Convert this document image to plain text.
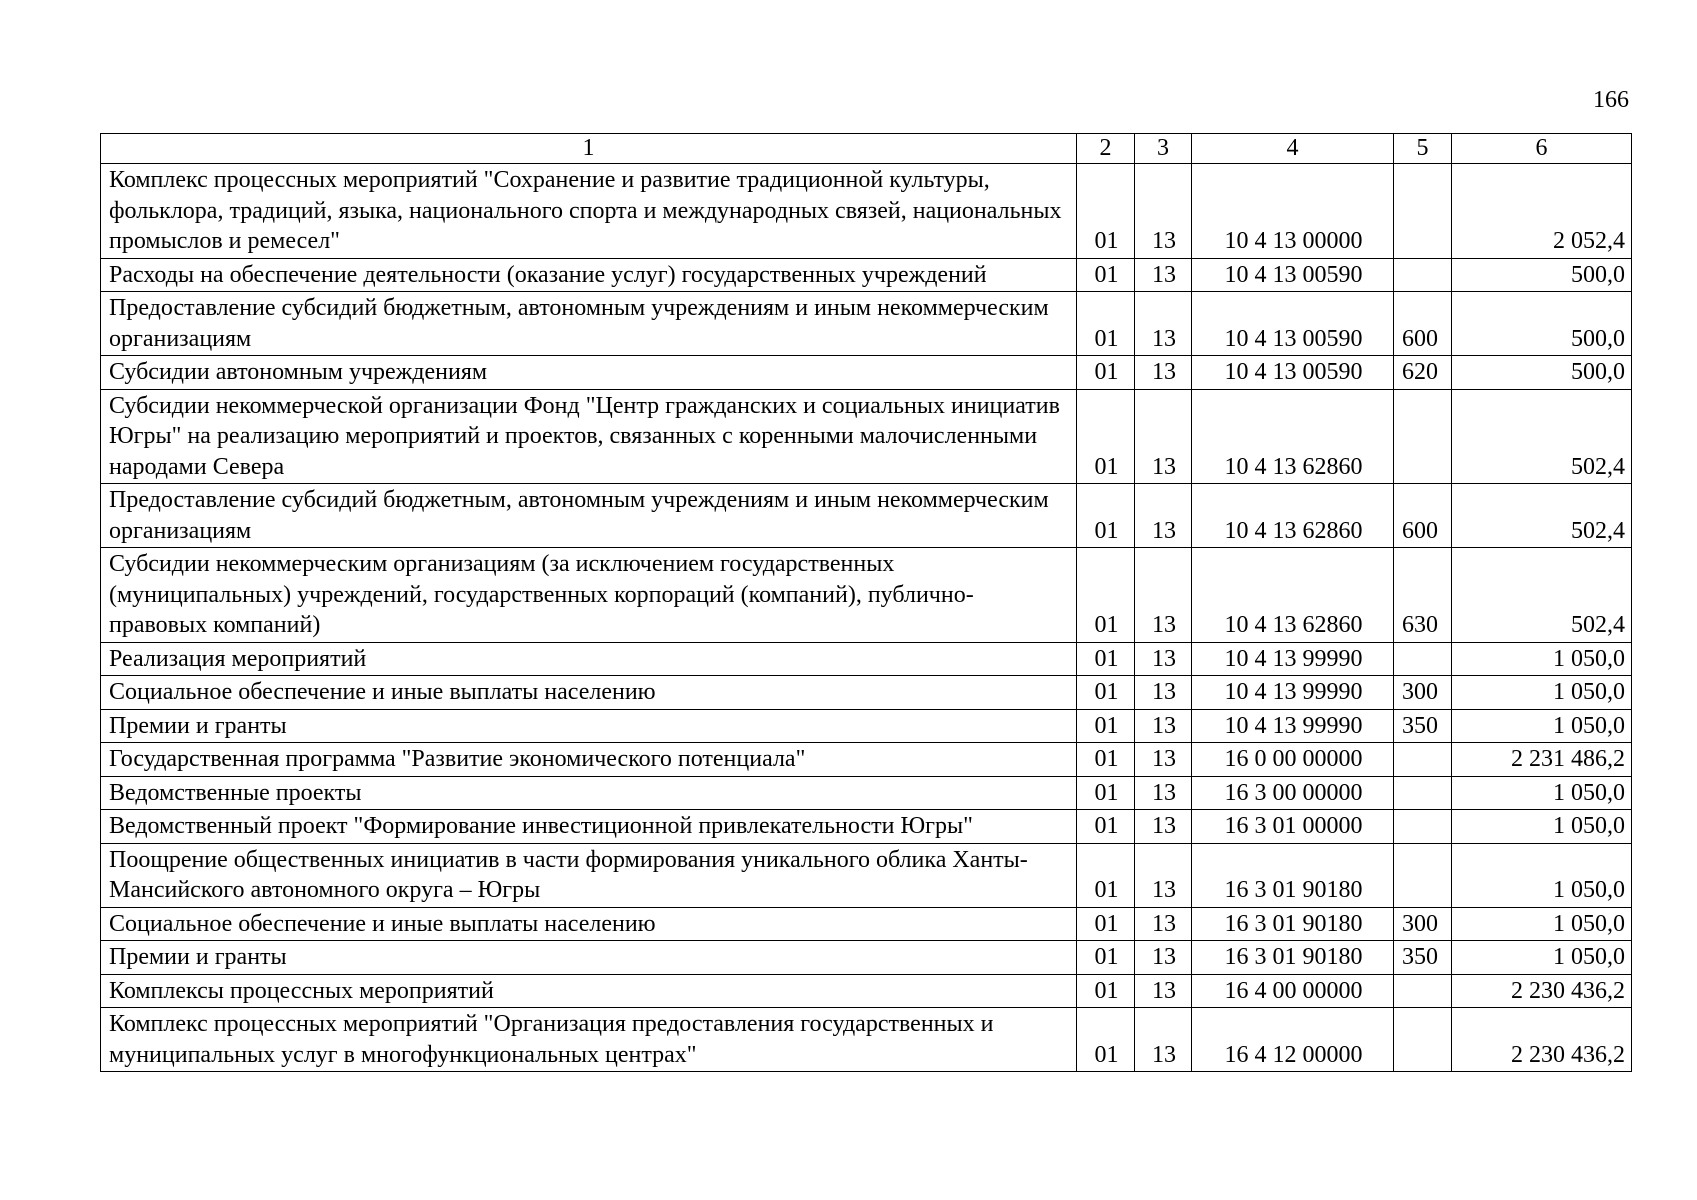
166
1	2	3	4	5	6
Комплекс процессных мероприятий "Сохранение и развитие традиционной культуры, фольклора, традиций, языка, национального спорта и международных связей, национальных промыслов и ремесел"	01	13	10 4 13 00000		2 052,4
Расходы на обеспечение деятельности (оказание услуг) государственных учреждений	01	13	10 4 13 00590		500,0
Предоставление субсидий бюджетным, автономным учреждениям и иным некоммерческим организациям	01	13	10 4 13 00590	600	500,0
Субсидии автономным учреждениям	01	13	10 4 13 00590	620	500,0
Субсидии некоммерческой организации Фонд "Центр гражданских и социальных инициатив Югры" на реализацию мероприятий и проектов, связанных с коренными малочисленными народами Севера	01	13	10 4 13 62860		502,4
Предоставление субсидий бюджетным, автономным учреждениям и иным некоммерческим организациям	01	13	10 4 13 62860	600	502,4
Субсидии некоммерческим организациям (за исключением государственных (муниципальных) учреждений, государственных корпораций (компаний), публично-правовых компаний)	01	13	10 4 13 62860	630	502,4
Реализация мероприятий	01	13	10 4 13 99990		1 050,0
Социальное обеспечение и иные выплаты населению	01	13	10 4 13 99990	300	1 050,0
Премии и гранты	01	13	10 4 13 99990	350	1 050,0
Государственная программа "Развитие экономического потенциала"	01	13	16 0 00 00000		2 231 486,2
Ведомственные проекты	01	13	16 3 00 00000		1 050,0
Ведомственный проект "Формирование инвестиционной привлекательности Югры"	01	13	16 3 01 00000		1 050,0
Поощрение общественных инициатив в части формирования уникального облика Ханты-Мансийского автономного округа – Югры	01	13	16 3 01 90180		1 050,0
Социальное обеспечение и иные выплаты населению	01	13	16 3 01 90180	300	1 050,0
Премии и гранты	01	13	16 3 01 90180	350	1 050,0
Комплексы процессных мероприятий	01	13	16 4 00 00000		2 230 436,2
Комплекс процессных мероприятий "Организация предоставления государственных и муниципальных услуг в многофункциональных центрах"	01	13	16 4 12 00000		2 230 436,2
